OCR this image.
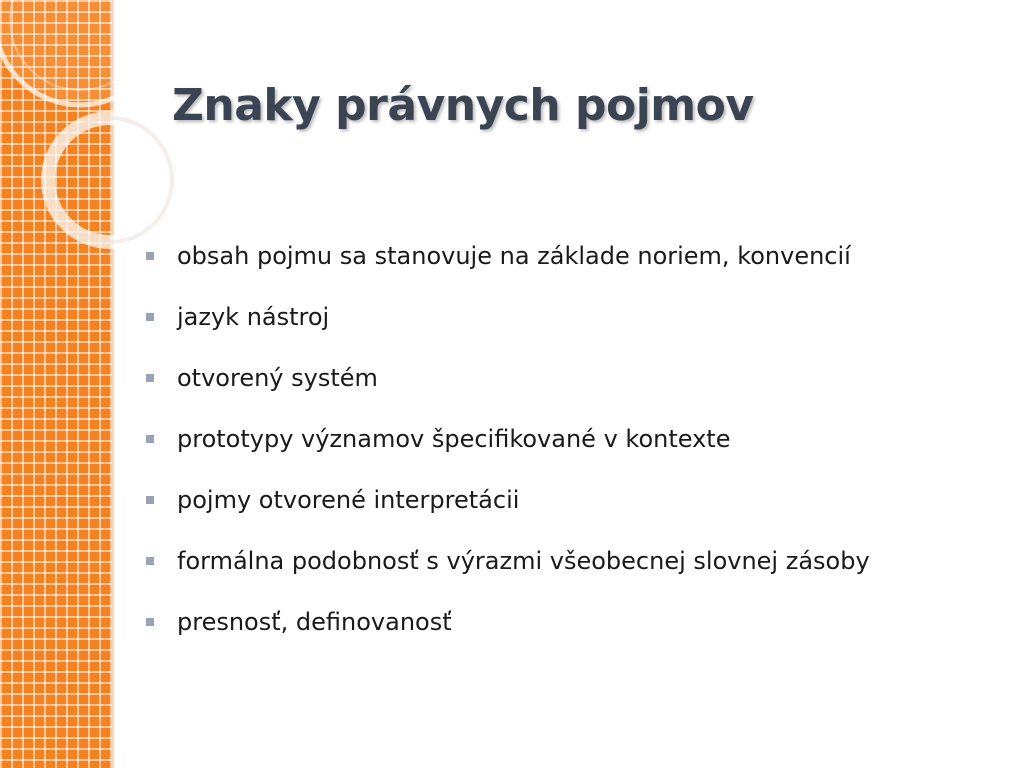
Znaky právnych pojmov
obsah pojmu sa stanovuje na základe noriem, konvencií
jazyk nástroj
otvorený systém
prototypy významov špecifikované v kontexte
pojmy otvorené interpretácii
formálna podobnosť s výrazmi všeobecnej slovnej zásoby
presnosť, definovanosť
